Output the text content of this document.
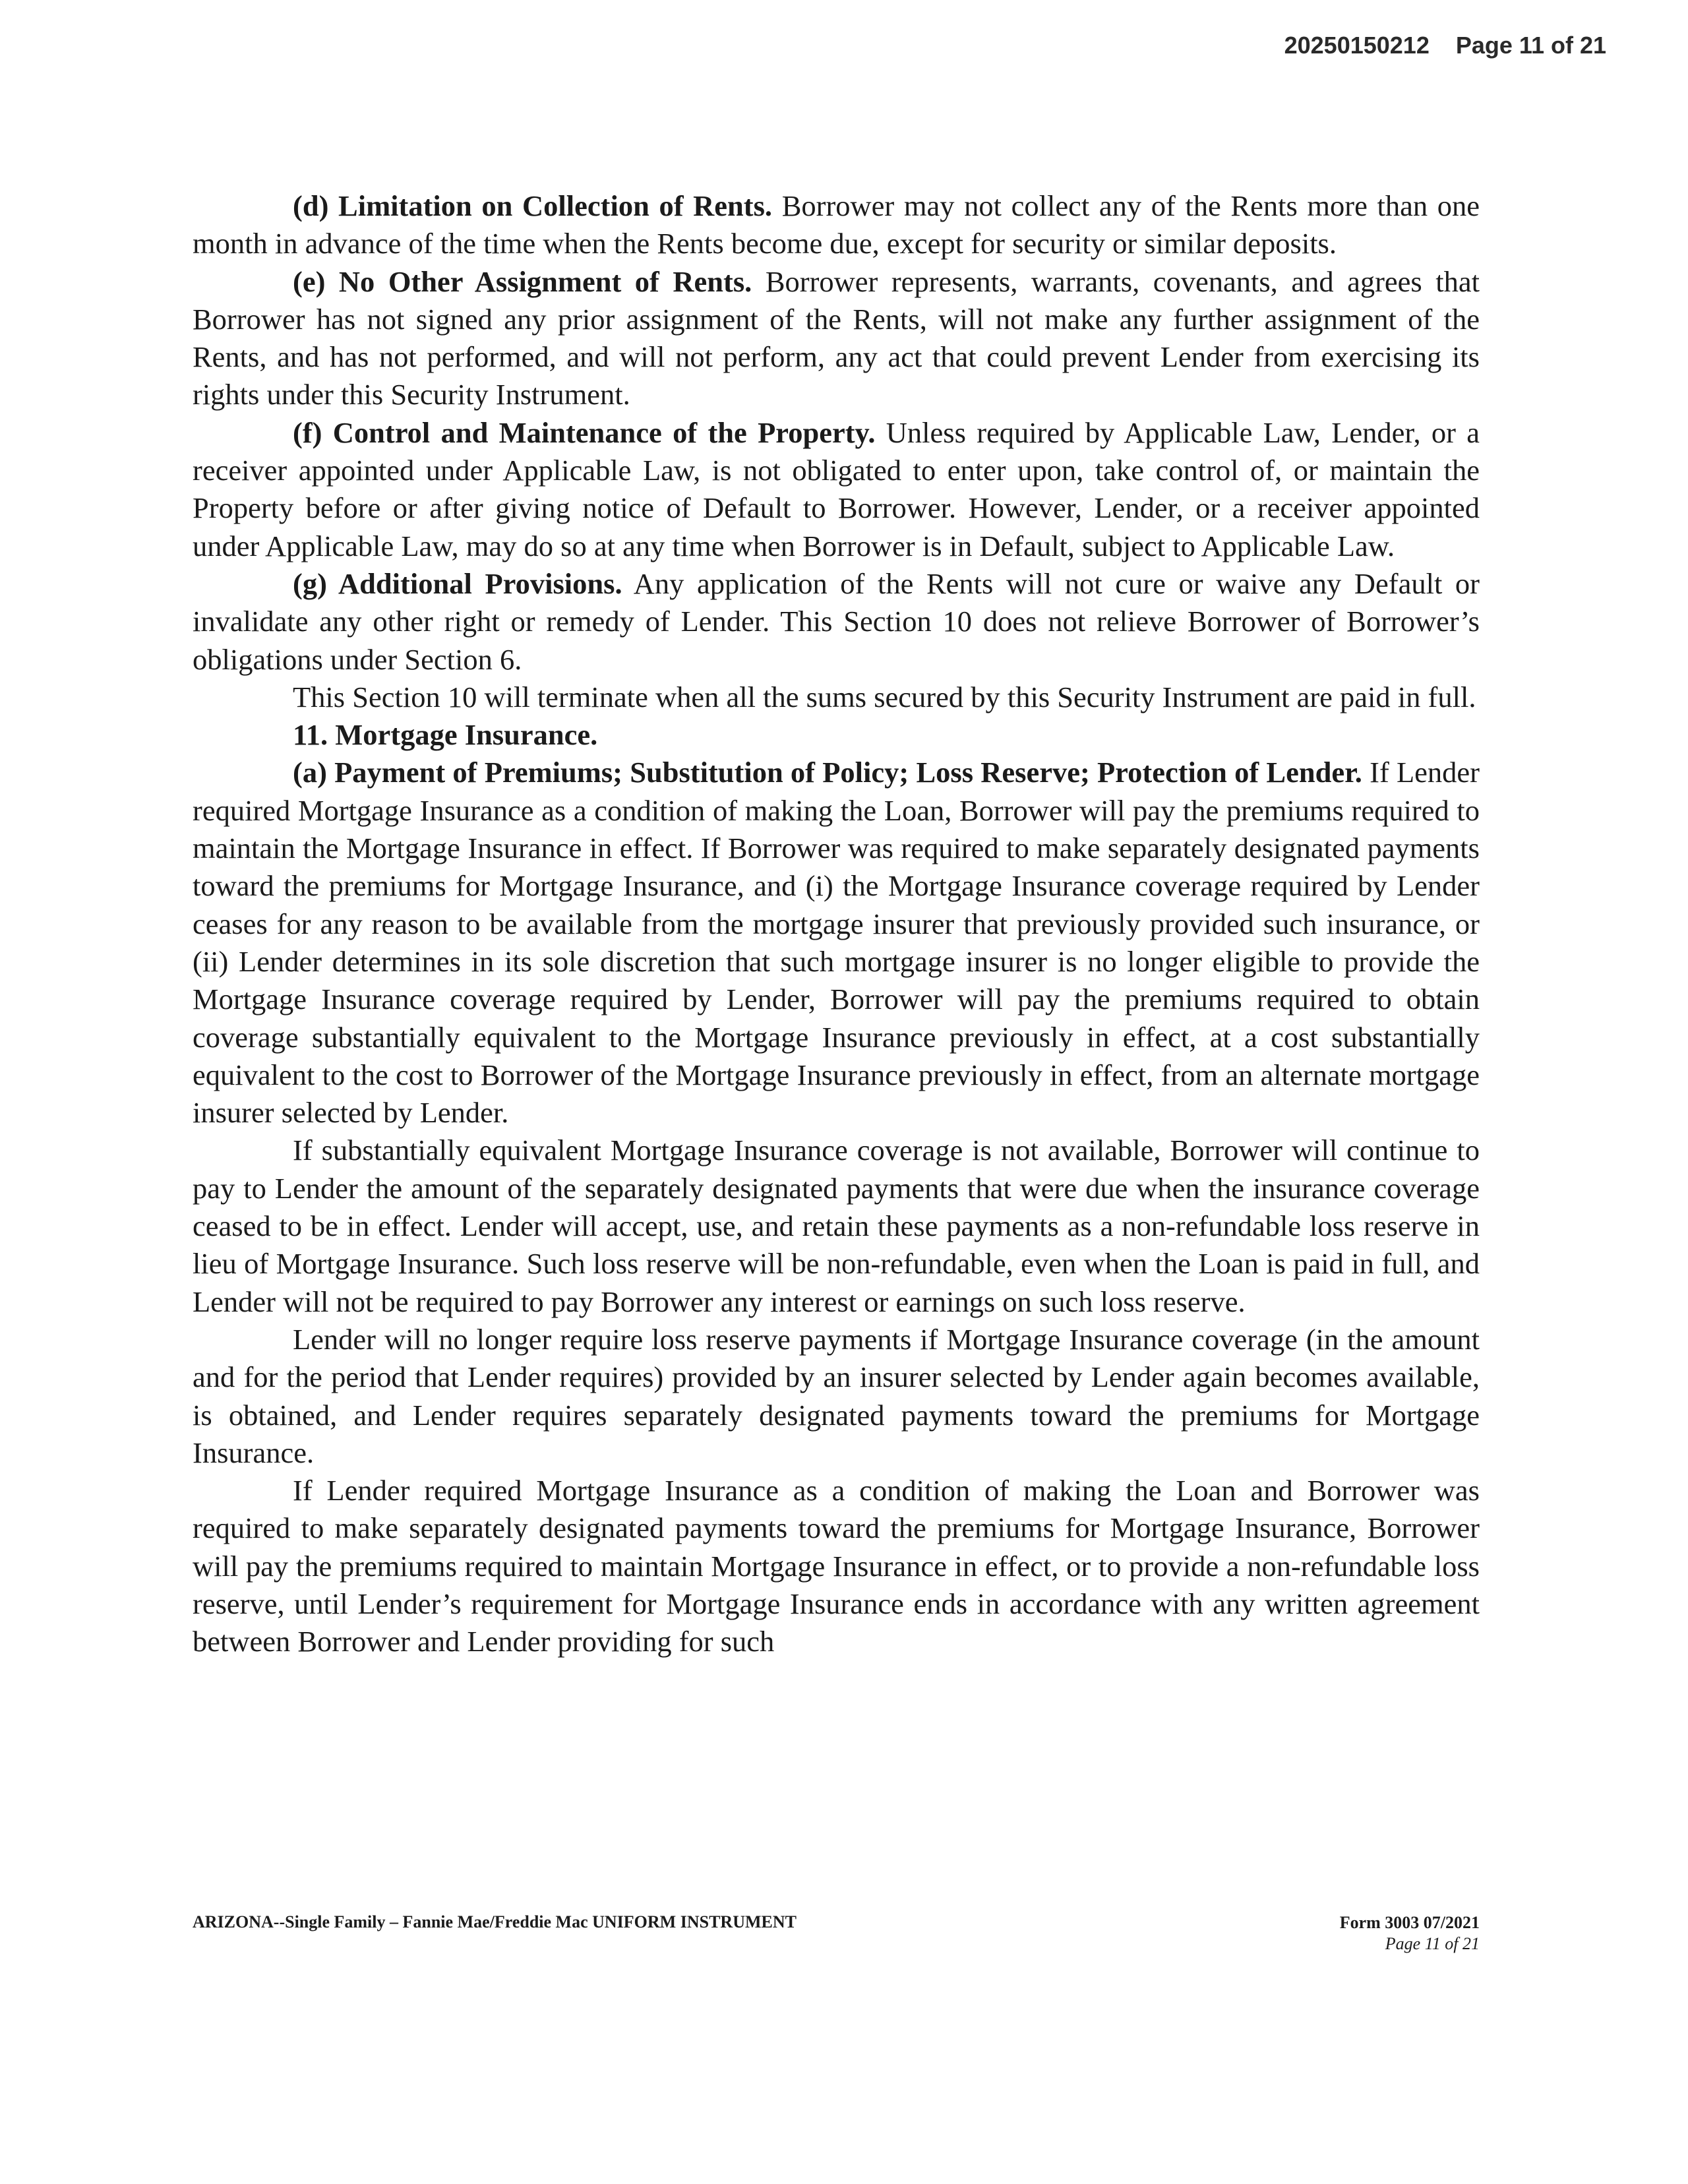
20250150212 Page 11 of 21

(d) Limitation on Collection of Rents. Borrower may not collect any of the Rents more than one month in advance of the time when the Rents become due, except for security or similar deposits.

(e) No Other Assignment of Rents. Borrower represents, warrants, covenants, and agrees that Borrower has not signed any prior assignment of the Rents, will not make any further assignment of the Rents, and has not performed, and will not perform, any act that could prevent Lender from exercising its rights under this Security Instrument.

(f) Control and Maintenance of the Property. Unless required by Applicable Law, Lender, or a receiver appointed under Applicable Law, is not obligated to enter upon, take control of, or maintain the Property before or after giving notice of Default to Borrower. However, Lender, or a receiver appointed under Applicable Law, may do so at any time when Borrower is in Default, subject to Applicable Law.

(g) Additional Provisions. Any application of the Rents will not cure or waive any Default or invalidate any other right or remedy of Lender. This Section 10 does not relieve Borrower of Borrower’s obligations under Section 6.

This Section 10 will terminate when all the sums secured by this Security Instrument are paid in full.

11. Mortgage Insurance.

(a) Payment of Premiums; Substitution of Policy; Loss Reserve; Protection of Lender. If Lender required Mortgage Insurance as a condition of making the Loan, Borrower will pay the premiums required to maintain the Mortgage Insurance in effect. If Borrower was required to make separately designated payments toward the premiums for Mortgage Insurance, and (i) the Mortgage Insurance coverage required by Lender ceases for any reason to be available from the mortgage insurer that previously provided such insurance, or (ii) Lender determines in its sole discretion that such mortgage insurer is no longer eligible to provide the Mortgage Insurance coverage required by Lender, Borrower will pay the premiums required to obtain coverage substantially equivalent to the Mortgage Insurance previously in effect, at a cost substantially equivalent to the cost to Borrower of the Mortgage Insurance previously in effect, from an alternate mortgage insurer selected by Lender.

If substantially equivalent Mortgage Insurance coverage is not available, Borrower will continue to pay to Lender the amount of the separately designated payments that were due when the insurance coverage ceased to be in effect. Lender will accept, use, and retain these payments as a non-refundable loss reserve in lieu of Mortgage Insurance. Such loss reserve will be non-refundable, even when the Loan is paid in full, and Lender will not be required to pay Borrower any interest or earnings on such loss reserve.

Lender will no longer require loss reserve payments if Mortgage Insurance coverage (in the amount and for the period that Lender requires) provided by an insurer selected by Lender again becomes available, is obtained, and Lender requires separately designated payments toward the premiums for Mortgage Insurance.

If Lender required Mortgage Insurance as a condition of making the Loan and Borrower was required to make separately designated payments toward the premiums for Mortgage Insurance, Borrower will pay the premiums required to maintain Mortgage Insurance in effect, or to provide a non-refundable loss reserve, until Lender’s requirement for Mortgage Insurance ends in accordance with any written agreement between Borrower and Lender providing for such

ARIZONA--Single Family – Fannie Mae/Freddie Mac UNIFORM INSTRUMENT	Form 3003 07/2021
Page 11 of 21
